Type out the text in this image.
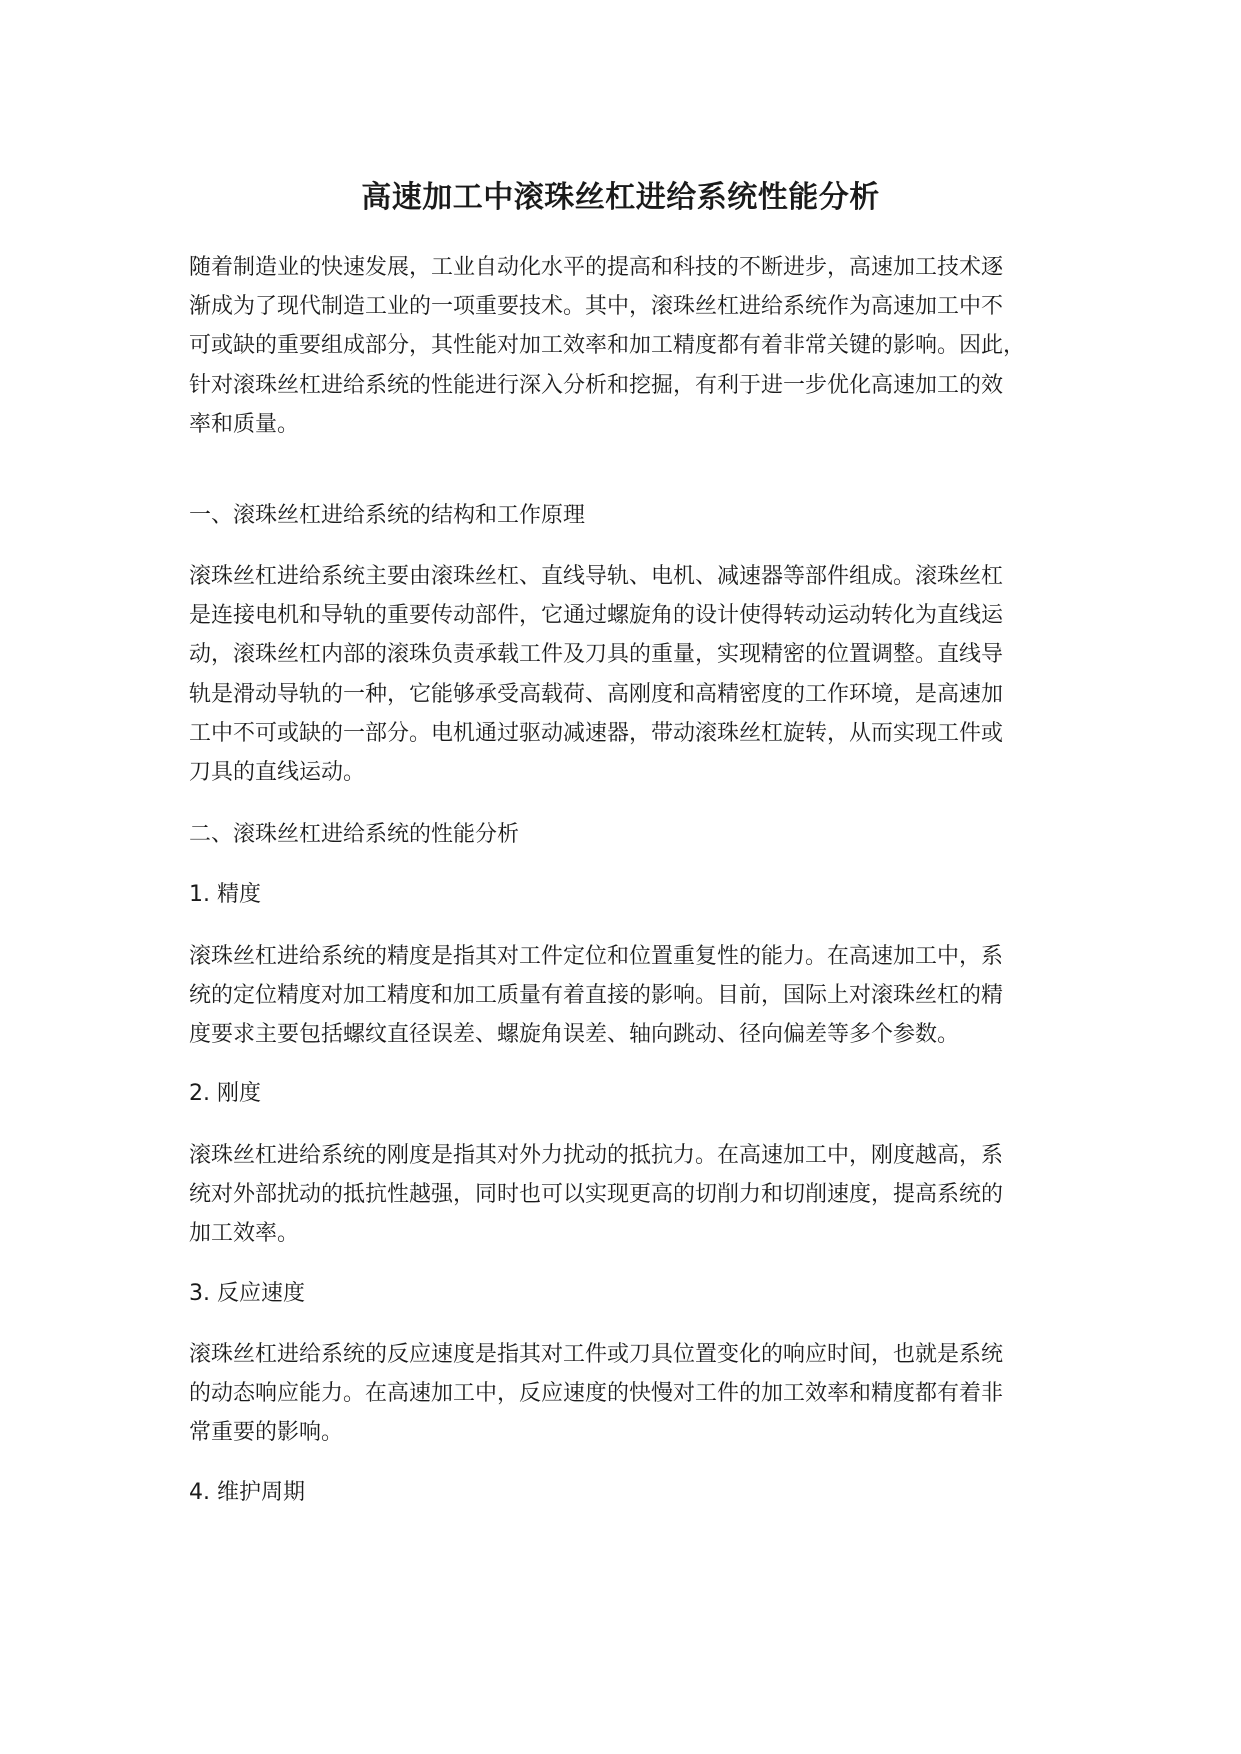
高速加工中滚珠丝杠进给系统性能分析
随着制造业的快速发展，工业自动化水平的提高和科技的不断进步，高速加工技术逐
渐成为了现代制造工业的一项重要技术。其中，滚珠丝杠进给系统作为高速加工中不
可或缺的重要组成部分，其性能对加工效率和加工精度都有着非常关键的影响。因此，
针对滚珠丝杠进给系统的性能进行深入分析和挖掘，有利于进一步优化高速加工的效
率和质量。

一、滚珠丝杠进给系统的结构和工作原理

滚珠丝杠进给系统主要由滚珠丝杠、直线导轨、电机、减速器等部件组成。滚珠丝杠
是连接电机和导轨的重要传动部件，它通过螺旋角的设计使得转动运动转化为直线运
动，滚珠丝杠内部的滚珠负责承载工件及刀具的重量，实现精密的位置调整。直线导
轨是滑动导轨的一种，它能够承受高载荷、高刚度和高精密度的工作环境，是高速加
工中不可或缺的一部分。电机通过驱动减速器，带动滚珠丝杠旋转，从而实现工件或
刀具的直线运动。

二、滚珠丝杠进给系统的性能分析

1. 精度

滚珠丝杠进给系统的精度是指其对工件定位和位置重复性的能力。在高速加工中，系
统的定位精度对加工精度和加工质量有着直接的影响。目前，国际上对滚珠丝杠的精
度要求主要包括螺纹直径误差、螺旋角误差、轴向跳动、径向偏差等多个参数。

2. 刚度

滚珠丝杠进给系统的刚度是指其对外力扰动的抵抗力。在高速加工中，刚度越高，系
统对外部扰动的抵抗性越强，同时也可以实现更高的切削力和切削速度，提高系统的
加工效率。

3. 反应速度

滚珠丝杠进给系统的反应速度是指其对工件或刀具位置变化的响应时间，也就是系统
的动态响应能力。在高速加工中，反应速度的快慢对工件的加工效率和精度都有着非
常重要的影响。

4. 维护周期
